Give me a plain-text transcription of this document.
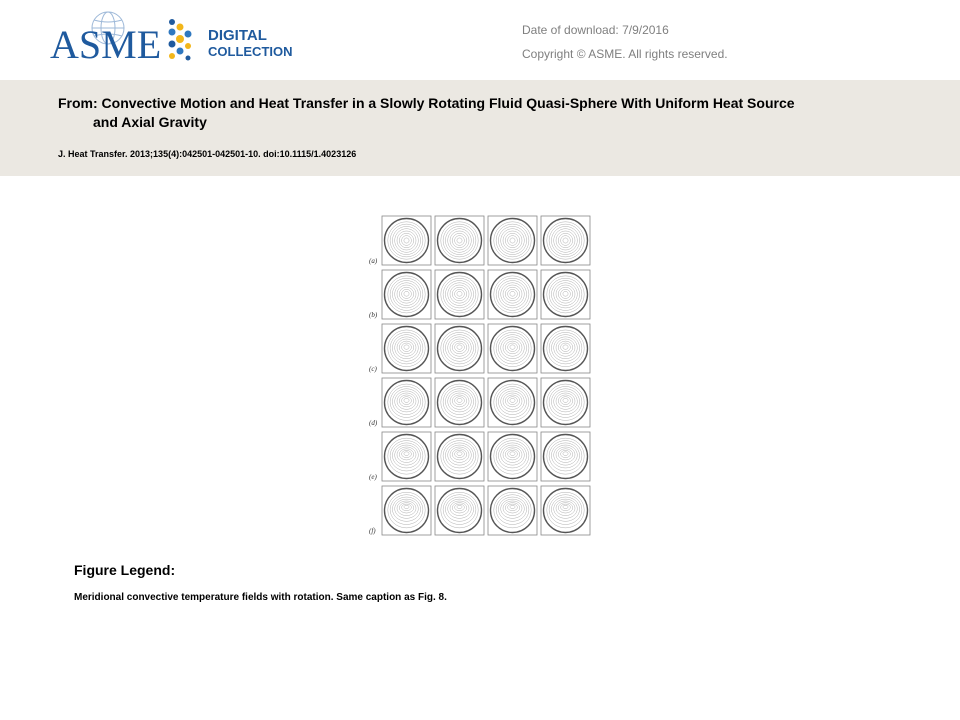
ASME	DIGITAL
COLLECTION
Date of download: 7/9/2016
Copyright © ASME. All rights reserved.
From: Convective Motion and Heat Transfer in a Slowly Rotating Fluid Quasi-Sphere With Uniform Heat Source
and Axial Gravity
J. Heat Transfer. 2013;135(4):042501-042501-10. doi:10.1115/1.4023126
(a)
(b)
(c)
(d)
(e)
(f)
Figure Legend:
Meridional convective temperature fields with rotation. Same caption as Fig. 8.
